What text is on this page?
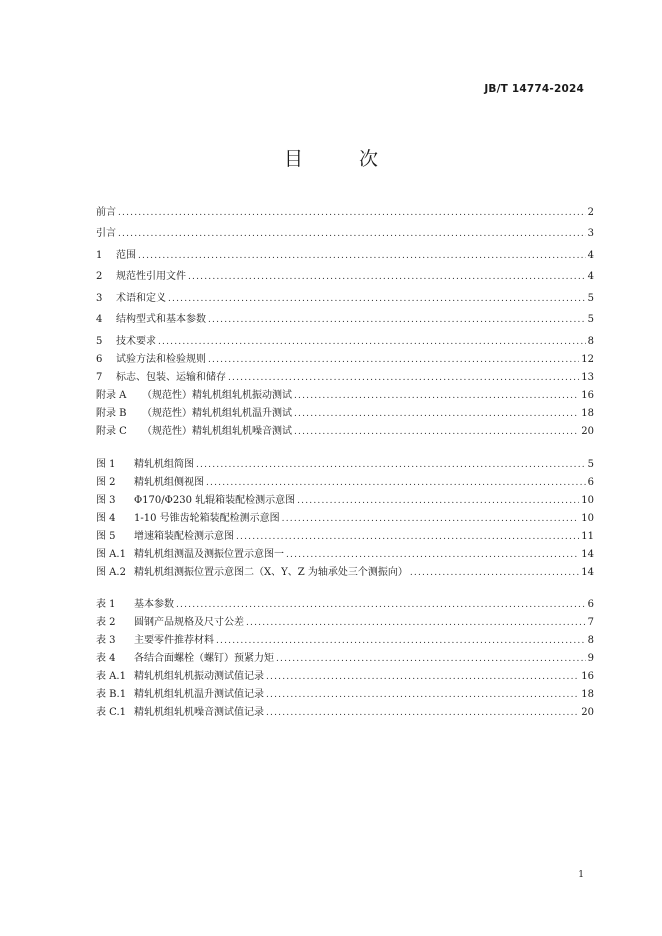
JB/T 14774-2024
目次
前言 .....	2
引言 .....	3
1	范围 .....	4
2	规范性引用文件 .....	4
3	术语和定义 .....	5
4	结构型式和基本参数 .....	5
5	技术要求 .....	8
6	试验方法和检验规则 .....	12
7	标志、包装、运输和储存 .....	13
附录 A	（规范性）精轧机组轧机振动测试 .....	16
附录 B	（规范性）精轧机组轧机温升测试 .....	18
附录 C	（规范性）精轧机组轧机噪音测试 .....	20
图 1	精轧机组简图 .....	5
图 2	精轧机组侧视图 .....	6
图 3	Φ170/Φ230 轧辊箱装配检测示意图 .....	10
图 4	1-10 号锥齿轮箱装配检测示意图 .....	10
图 5	增速箱装配检测示意图 .....	11
图 A.1 精轧机组测温及测振位置示意图一 .....	14
图 A.2 精轧机组测振位置示意图二（X、Y、Z 为轴承处三个测振向） .....	14
表 1	基本参数 .....	6
表 2	圆钢产品规格及尺寸公差 .....	7
表 3	主要零件推荐材料 .....	8
表 4	各结合面螺栓（螺钉）预紧力矩 .....	9
表 A.1 精轧机组轧机振动测试值记录 .....	16
表 B.1 精轧机组轧机温升测试值记录 .....	18
表 C.1 精轧机组轧机噪音测试值记录 .....	20
1
